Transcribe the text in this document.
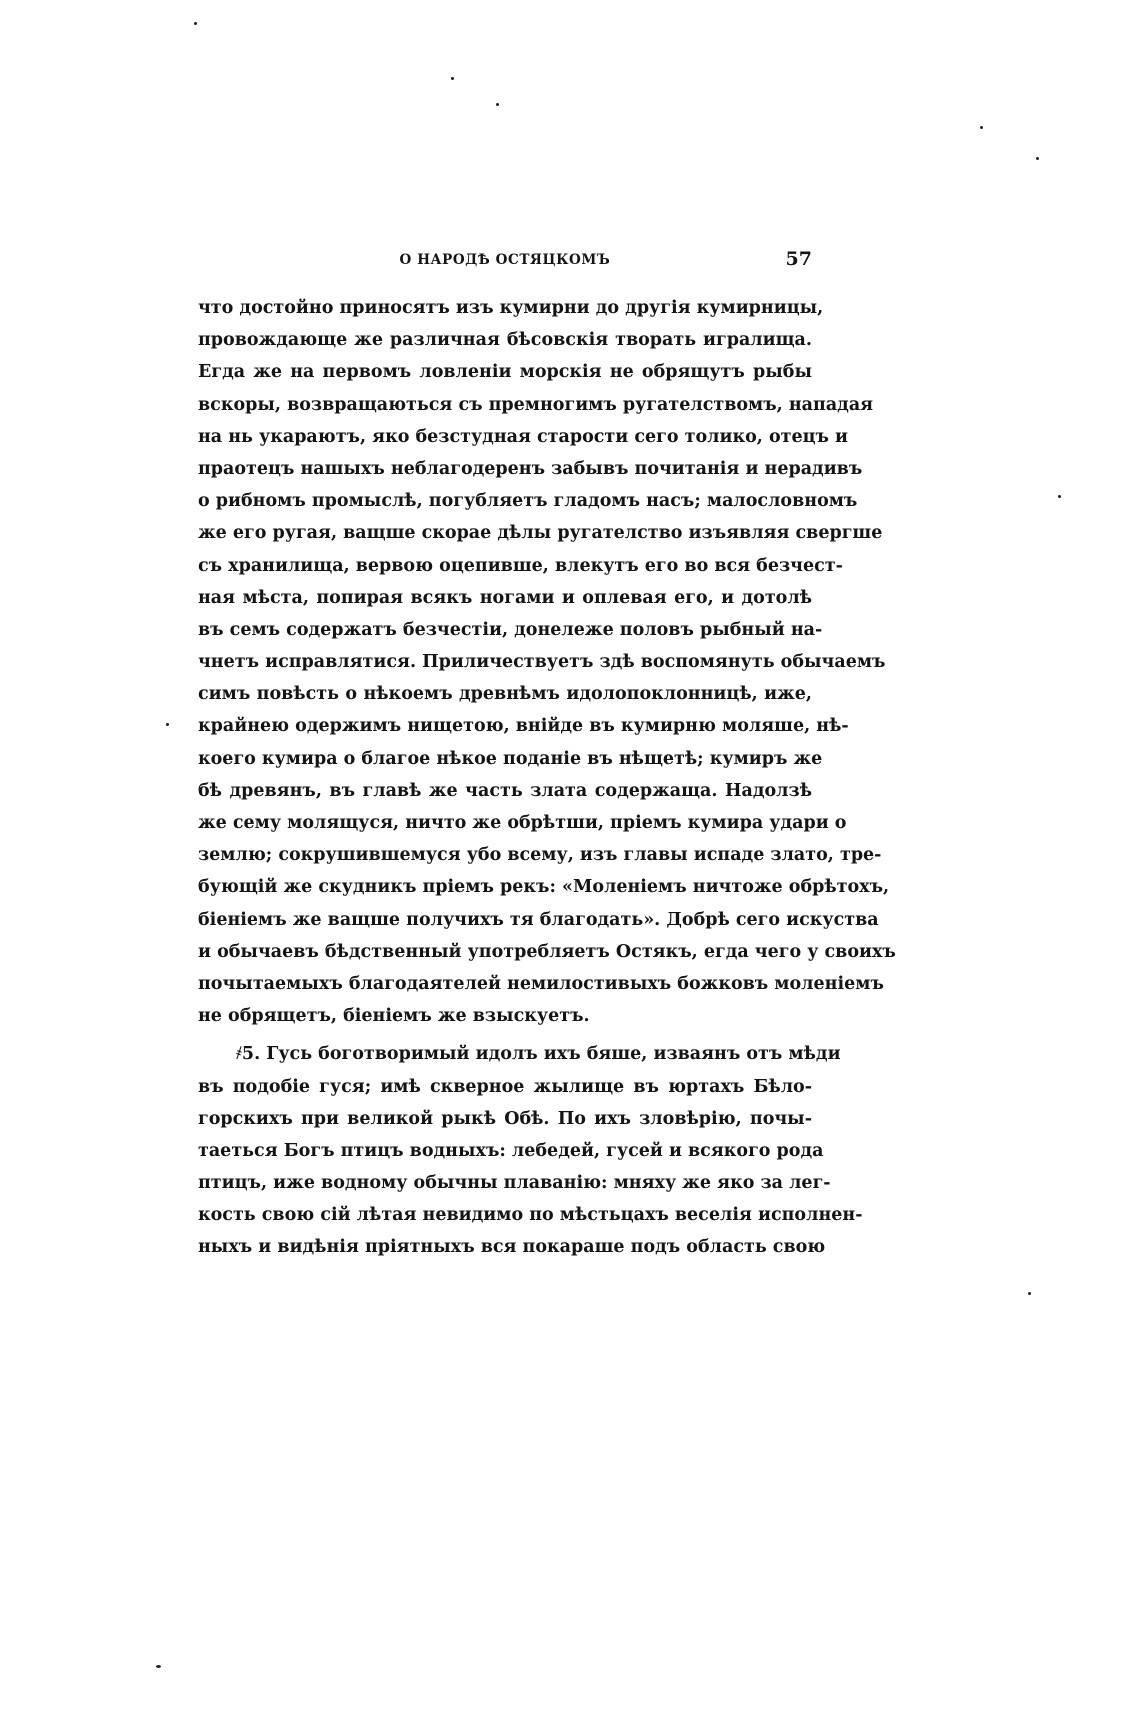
О НАРОДѢ ОСТЯЦКОМЪ	57
что достойно приносятъ изъ кумирни до другія кумирницы,
провождающе же различная бѣсовскія творать игралища.
Егда же на первомъ ловленіи морскія не обрящутъ рыбы
вскоры, возвращаються съ премногимъ ругателствомъ, нападая
на нь укараютъ, яко безстудная старости сего толико, отецъ и
праотецъ нашыхъ неблагодеренъ забывъ почитанія и нерадивъ
о рибномъ промыслѣ, погубляетъ гладомъ насъ; малословномъ
же его ругая, ващше скорае дѣлы ругателство изъявляя свергше
съ хранилища, вервою оцепивше, влекутъ его во вся безчест-
ная мѣста, попирая всякъ ногами и оплевая его, и дотолѣ
въ семъ содержатъ безчестіи, донележе половъ рыбный на-
чнетъ исправлятися. Приличествуетъ здѣ воспомянуть обычаемъ
симъ повѣсть о нѣкоемъ древнѣмъ идолопоклонницѣ, иже,
крайнею одержимъ нищетою, внійде въ кумирню моляше, нѣ-
коего кумира о благое нѣкое поданіе въ нѣщетѣ; кумиръ же
бѣ древянъ, въ главѣ же часть злата содержаща. Надолзѣ
же сему молящуся, ничто же обрѣтши, пріемъ кумира удари о
землю; сокрушившемуся убо всему, изъ главы испаде злато, тре-
бующій же скудникъ пріемъ рекъ: «Моленіемъ ничтоже обрѣтохъ,
біеніемъ же ващше получихъ тя благодать». Добрѣ сего искуства
и обычаевъ бѣдственный употребляетъ Остякъ, егда чего у своихъ
почытаемыхъ благодаятелей немилостивыхъ божковъ моленіемъ
не обрящетъ, біеніемъ же взыскуетъ.
҂5. Гусь боготворимый идолъ ихъ бяше, изваянъ отъ мѣди
въ подобіе гуся; имѣ скверное жылище въ юртахъ Бѣло-
горскихъ при великой рыкѣ Обѣ. По ихъ зловѣрію, почы-
таеться Богъ птицъ водныхъ: лебедей, гусей и всякого рода
птицъ, иже водному обычны плаванію: мняху же яко за лег-
кость свою сій лѣтая невидимо по мѣстьцахъ веселія исполнен-
ныхъ и видѣнія пріятныхъ вся покараше подъ область свою
